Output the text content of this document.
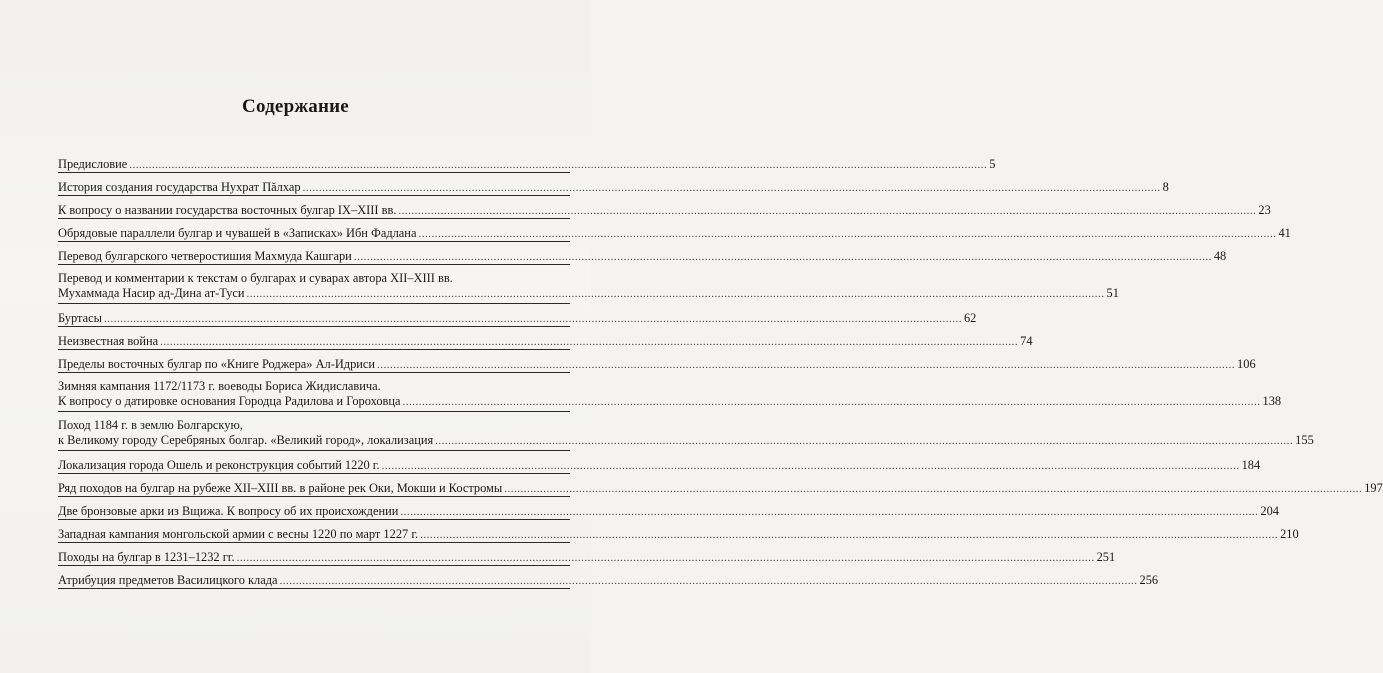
Содержание
Предисловие .....	5
История создания государства Нухрат Пăлхар .....	8
К вопросу о названии государства восточных булгар IX–XIII вв. .....	23
Обрядовые параллели булгар и чувашей в «Записках» Ибн Фадлана .....	41
Перевод булгарского четверостишия Махмуда Кашгари .....	48
Перевод и комментарии к текстам о булгарах и суварах автора XII–XIII вв.
Мухаммада Насир ад-Дина ат-Туси .....	51
Буртасы .....	62
Неизвестная война .....	74
Пределы восточных булгар по «Книге Роджера» Ал-Идриси .....	106
Зимняя кампания 1172/1173 г. воеводы Бориса Жидиславича.
К вопросу о датировке основания Городца Радилова и Гороховца .....	138
Поход 1184 г. в землю Болгарскую,
к Великому городу Серебряных болгар. «Великий город», локализация .....	155
Локализация города Ошель и реконструкция событий 1220 г. .....	184
Ряд походов на булгар на рубеже XII–XIII вв. в районе рек Оки, Мокши и Костромы .....	197
Две бронзовые арки из Вщижа. К вопросу об их происхождении .....	204
Западная кампания монгольской армии с весны 1220 по март 1227 г. .....	210
Походы на булгар в 1231–1232 гг. .....	251
Атрибуция предметов Василицкого клада .....	256
